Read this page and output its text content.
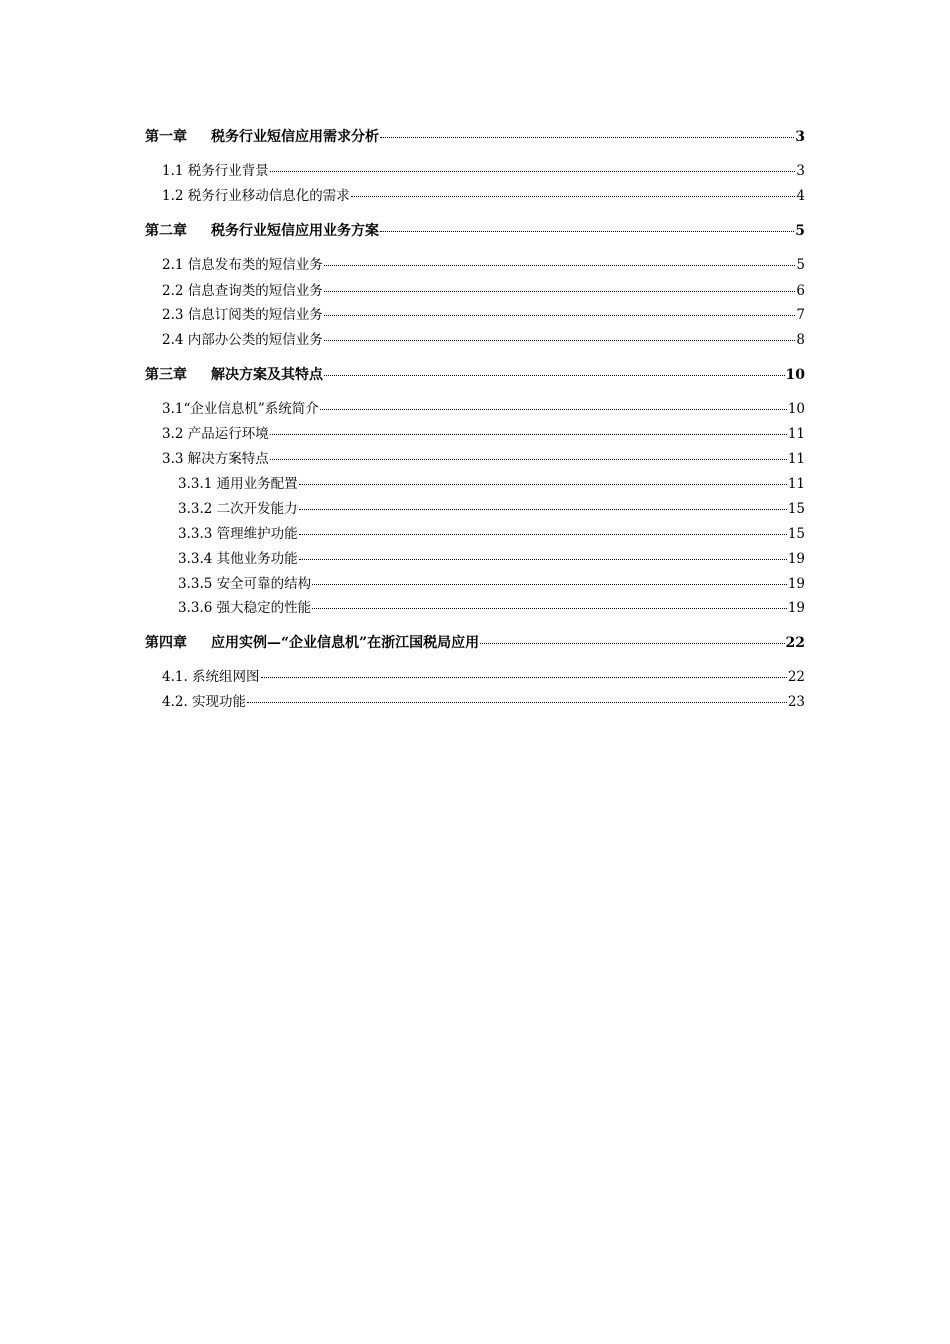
第一章 税务行业短信应用需求分析	3
1.1 税务行业背景	3
1.2 税务行业移动信息化的需求	4
第二章 税务行业短信应用业务方案	5
2.1 信息发布类的短信业务	5
2.2 信息查询类的短信业务	6
2.3 信息订阅类的短信业务	7
2.4 内部办公类的短信业务	8
第三章 解决方案及其特点	10
3.1“企业信息机”系统简介	10
3.2 产品运行环境	11
3.3 解决方案特点	11
3.3.1 通用业务配置	11
3.3.2 二次开发能力	15
3.3.3 管理维护功能	15
3.3.4 其他业务功能	19
3.3.5 安全可靠的结构	19
3.3.6 强大稳定的性能	19
第四章 应用实例—“企业信息机”在浙江国税局应用	22
4.1. 系统组网图	22
4.2. 实现功能	23
